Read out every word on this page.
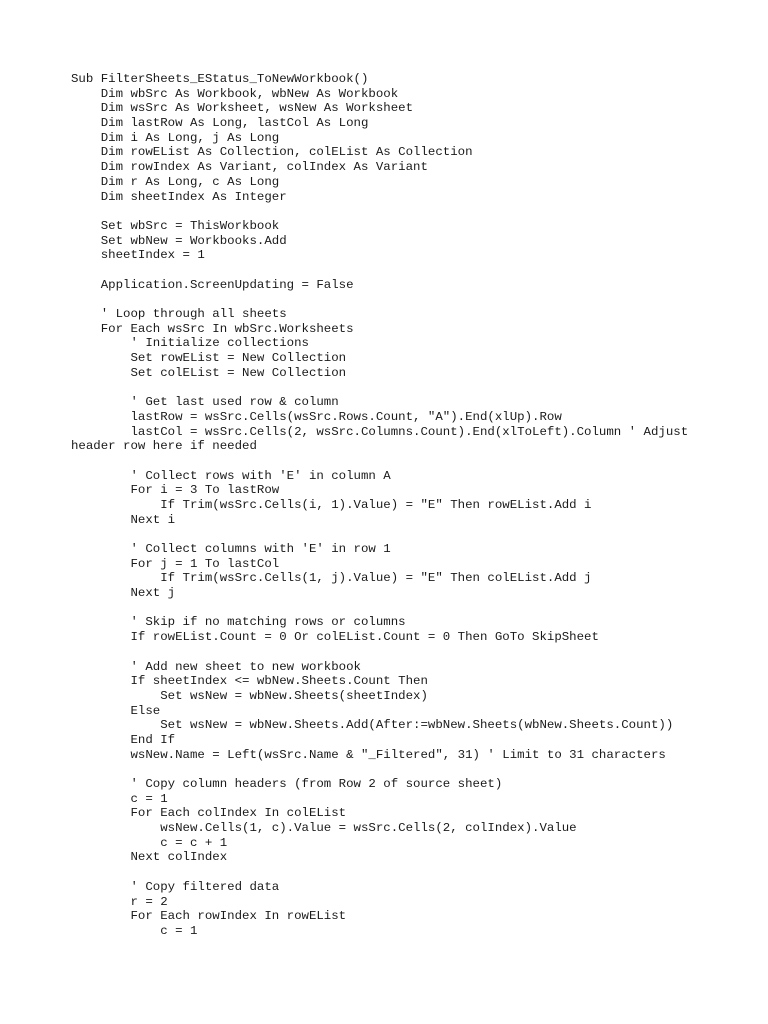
Sub FilterSheets_EStatus_ToNewWorkbook()
Dim wbSrc As Workbook, wbNew As Workbook
Dim wsSrc As Worksheet, wsNew As Worksheet
Dim lastRow As Long, lastCol As Long
Dim i As Long, j As Long
Dim rowEList As Collection, colEList As Collection
Dim rowIndex As Variant, colIndex As Variant
Dim r As Long, c As Long
Dim sheetIndex As Integer
Set wbSrc = ThisWorkbook
Set wbNew = Workbooks.Add
sheetIndex = 1
Application.ScreenUpdating = False
' Loop through all sheets
For Each wsSrc In wbSrc.Worksheets
' Initialize collections
Set rowEList = New Collection
Set colEList = New Collection
' Get last used row & column
lastRow = wsSrc.Cells(wsSrc.Rows.Count, "A").End(xlUp).Row
lastCol = wsSrc.Cells(2, wsSrc.Columns.Count).End(xlToLeft).Column ' Adjust
header row here if needed
' Collect rows with 'E' in column A
For i = 3 To lastRow
If Trim(wsSrc.Cells(i, 1).Value) = "E" Then rowEList.Add i
Next i
' Collect columns with 'E' in row 1
For j = 1 To lastCol
If Trim(wsSrc.Cells(1, j).Value) = "E" Then colEList.Add j
Next j
' Skip if no matching rows or columns
If rowEList.Count = 0 Or colEList.Count = 0 Then GoTo SkipSheet
' Add new sheet to new workbook
If sheetIndex <= wbNew.Sheets.Count Then
Set wsNew = wbNew.Sheets(sheetIndex)
Else
Set wsNew = wbNew.Sheets.Add(After:=wbNew.Sheets(wbNew.Sheets.Count))
End If
wsNew.Name = Left(wsSrc.Name & "_Filtered", 31) ' Limit to 31 characters
' Copy column headers (from Row 2 of source sheet)
c = 1
For Each colIndex In colEList
wsNew.Cells(1, c).Value = wsSrc.Cells(2, colIndex).Value
c = c + 1
Next colIndex
' Copy filtered data
r = 2
For Each rowIndex In rowEList
c = 1
